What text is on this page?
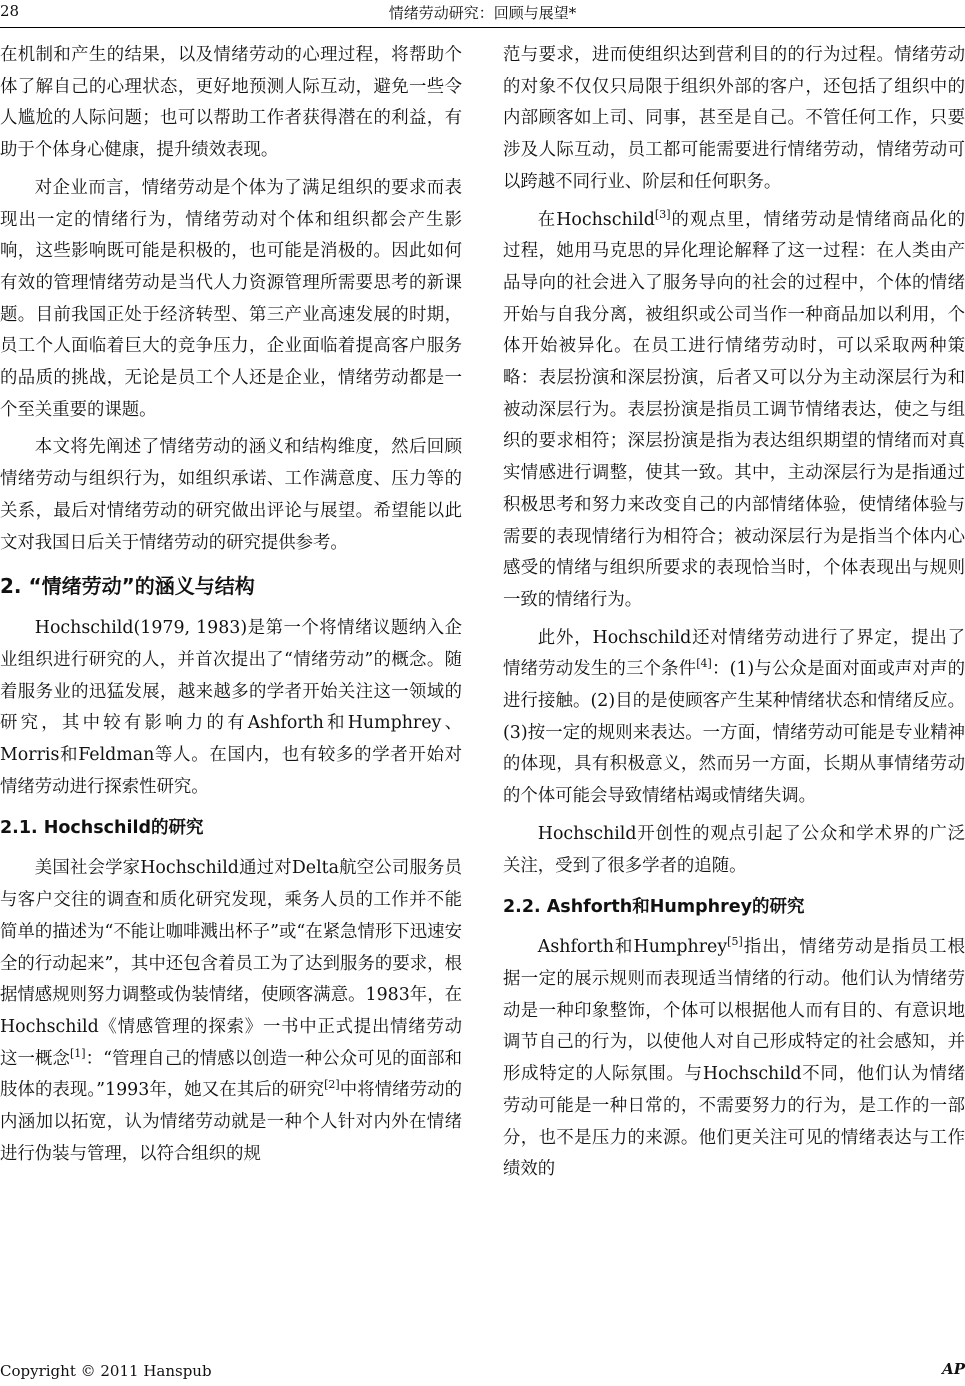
28	情绪劳动研究：回顾与展望*

在机制和产生的结果，以及情绪劳动的心理过程，将帮助个体了解自己的心理状态，更好地预测人际互动，避免一些令人尴尬的人际问题；也可以帮助工作者获得潜在的利益，有助于个体身心健康，提升绩效表现。

对企业而言，情绪劳动是个体为了满足组织的要求而表现出一定的情绪行为，情绪劳动对个体和组织都会产生影响，这些影响既可能是积极的，也可能是消极的。因此如何有效的管理情绪劳动是当代人力资源管理所需要思考的新课题。目前我国正处于经济转型、第三产业高速发展的时期，员工个人面临着巨大的竞争压力，企业面临着提高客户服务的品质的挑战，无论是员工个人还是企业，情绪劳动都是一个至关重要的课题。

本文将先阐述了情绪劳动的涵义和结构维度，然后回顾情绪劳动与组织行为，如组织承诺、工作满意度、压力等的关系，最后对情绪劳动的研究做出评论与展望。希望能以此文对我国日后关于情绪劳动的研究提供参考。

2. “情绪劳动”的涵义与结构

Hochschild(1979, 1983)是第一个将情绪议题纳入企业组织进行研究的人，并首次提出了“情绪劳动”的概念。随着服务业的迅猛发展，越来越多的学者开始关注这一领域的研究，其中较有影响力的有Ashforth和Humphrey、Morris和Feldman等人。在国内，也有较多的学者开始对情绪劳动进行探索性研究。

2.1. Hochschild的研究

美国社会学家Hochschild通过对Delta航空公司服务员与客户交往的调查和质化研究发现，乘务人员的工作并不能简单的描述为“不能让咖啡溅出杯子”或“在紧急情形下迅速安全的行动起来”，其中还包含着员工为了达到服务的要求，根据情感规则努力调整或伪装情绪，使顾客满意。1983年，在Hochschild《情感管理的探索》一书中正式提出情绪劳动这一概念[1]：“管理自己的情感以创造一种公众可见的面部和肢体的表现。”1993年，她又在其后的研究[2]中将情绪劳动的内涵加以拓宽，认为情绪劳动就是一种个人针对内外在情绪进行伪装与管理，以符合组织的规

范与要求，进而使组织达到营利目的的行为过程。情绪劳动的对象不仅仅只局限于组织外部的客户，还包括了组织中的内部顾客如上司、同事，甚至是自己。不管任何工作，只要涉及人际互动，员工都可能需要进行情绪劳动，情绪劳动可以跨越不同行业、阶层和任何职务。

在Hochschild[3]的观点里，情绪劳动是情绪商品化的过程，她用马克思的异化理论解释了这一过程：在人类由产品导向的社会进入了服务导向的社会的过程中，个体的情绪开始与自我分离，被组织或公司当作一种商品加以利用，个体开始被异化。在员工进行情绪劳动时，可以采取两种策略：表层扮演和深层扮演，后者又可以分为主动深层行为和被动深层行为。表层扮演是指员工调节情绪表达，使之与组织的要求相符；深层扮演是指为表达组织期望的情绪而对真实情感进行调整，使其一致。其中，主动深层行为是指通过积极思考和努力来改变自己的内部情绪体验，使情绪体验与需要的表现情绪行为相符合；被动深层行为是指当个体内心感受的情绪与组织所要求的表现恰当时，个体表现出与规则一致的情绪行为。

此外，Hochschild还对情绪劳动进行了界定，提出了情绪劳动发生的三个条件[4]：(1)与公众是面对面或声对声的进行接触。(2)目的是使顾客产生某种情绪状态和情绪反应。(3)按一定的规则来表达。一方面，情绪劳动可能是专业精神的体现，具有积极意义，然而另一方面，长期从事情绪劳动的个体可能会导致情绪枯竭或情绪失调。

Hochschild开创性的观点引起了公众和学术界的广泛关注，受到了很多学者的追随。

2.2. Ashforth和Humphrey的研究

Ashforth和Humphrey[5]指出，情绪劳动是指员工根据一定的展示规则而表现适当情绪的行动。他们认为情绪劳动是一种印象整饰，个体可以根据他人而有目的、有意识地调节自己的行为，以使他人对自己形成特定的社会感知，并形成特定的人际氛围。与Hochschild不同，他们认为情绪劳动可能是一种日常的，不需要努力的行为，是工作的一部分，也不是压力的来源。他们更关注可见的情绪表达与工作绩效的

Copyright © 2011 Hanspub	AP
